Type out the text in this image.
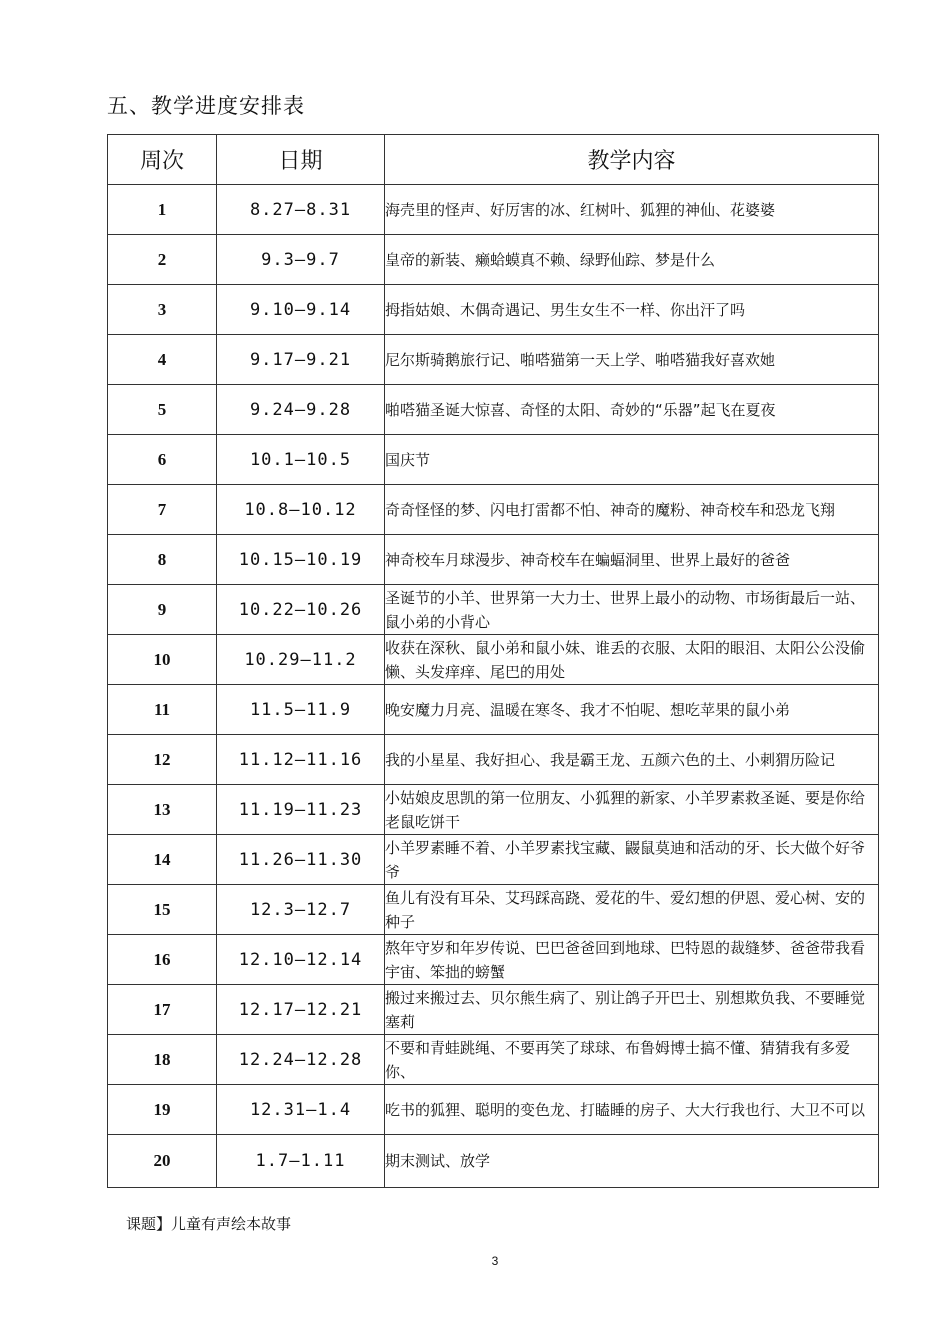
五、教学进度安排表
周次	日期	教学内容
1	8.27—8.31	海壳里的怪声、好厉害的冰、红树叶、狐狸的神仙、花婆婆
2	9.3—9.7	皇帝的新装、癞蛤蟆真不赖、绿野仙踪、梦是什么
3	9.10—9.14	拇指姑娘、木偶奇遇记、男生女生不一样、你出汗了吗
4	9.17—9.21	尼尔斯骑鹅旅行记、啪嗒猫第一天上学、啪嗒猫我好喜欢她
5	9.24—9.28	啪嗒猫圣诞大惊喜、奇怪的太阳、奇妙的“乐器”起飞在夏夜
6	10.1—10.5	国庆节
7	10.8—10.12	奇奇怪怪的梦、闪电打雷都不怕、神奇的魔粉、神奇校车和恐龙飞翔
8	10.15—10.19	神奇校车月球漫步、神奇校车在蝙蝠洞里、世界上最好的爸爸
9	10.22—10.26	圣诞节的小羊、世界第一大力士、世界上最小的动物、市场街最后一站、鼠小弟的小背心
10	10.29—11.2	收获在深秋、鼠小弟和鼠小妹、谁丢的衣服、太阳的眼泪、太阳公公没偷懒、头发痒痒、尾巴的用处
11	11.5—11.9	晚安魔力月亮、温暖在寒冬、我才不怕呢、想吃苹果的鼠小弟
12	11.12—11.16	我的小星星、我好担心、我是霸王龙、五颜六色的土、小刺猬历险记
13	11.19—11.23	小姑娘皮思凯的第一位朋友、小狐狸的新家、小羊罗素救圣诞、要是你给老鼠吃饼干
14	11.26—11.30	小羊罗素睡不着、小羊罗素找宝藏、鼹鼠莫迪和活动的牙、长大做个好爷爷
15	12.3—12.7	鱼儿有没有耳朵、艾玛踩高跷、爱花的牛、爱幻想的伊恩、爱心树、安的种子
16	12.10—12.14	熬年守岁和年岁传说、巴巴爸爸回到地球、巴特恩的裁缝梦、爸爸带我看宇宙、笨拙的螃蟹
17	12.17—12.21	搬过来搬过去、贝尔熊生病了、别让鸽子开巴士、别想欺负我、不要睡觉塞莉
18	12.24—12.28	不要和青蛙跳绳、不要再笑了球球、布鲁姆博士搞不懂、猜猜我有多爱你、
19	12.31—1.4	吃书的狐狸、聪明的变色龙、打瞌睡的房子、大大行我也行、大卫不可以
20	1.7—1.11	期末测试、放学
课题】儿童有声绘本故事
3
